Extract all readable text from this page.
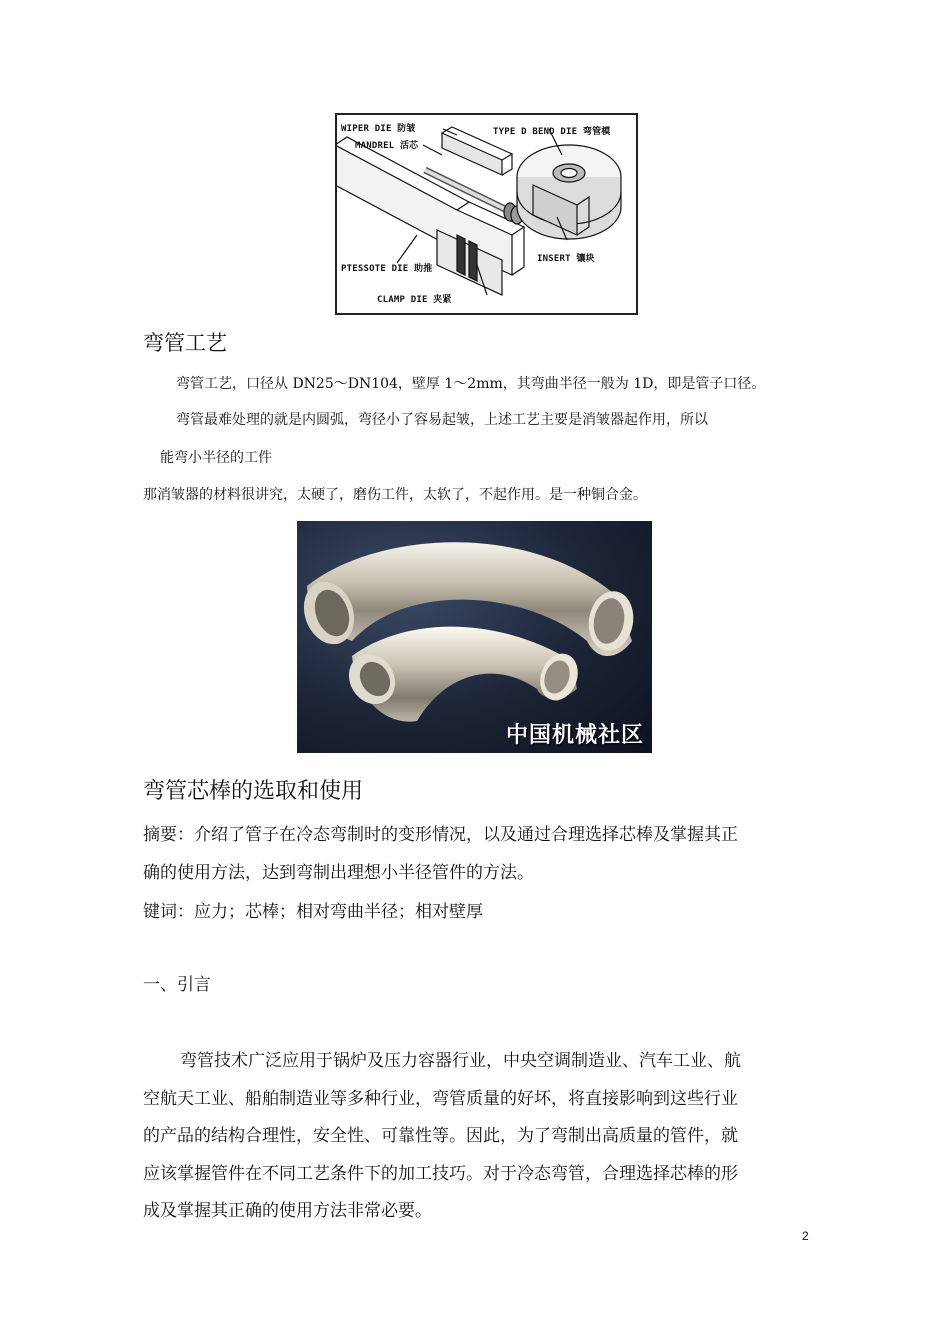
WIPER DIE 防皱
MANDREL 活芯
TYPE D BEND DIE 弯管模
INSERT 镶块
PTESSOTE DIE 助推
CLAMP DIE 夹紧
弯管工艺

弯管工艺，口径从 DN25～DN104，壁厚 1～2mm，其弯曲半径一般为 1D，即是管子口径。

弯管最难处理的就是内圆弧，弯径小了容易起皱，上述工艺主要是消皱器起作用，所以

能弯小半径的工件

那消皱器的材料很讲究，太硬了，磨伤工件，太软了，不起作用。是一种铜合金。

中国机械社区
弯管芯棒的选取和使用

摘要：介绍了管子在冷态弯制时的变形情况，以及通过合理选择芯棒及掌握其正

确的使用方法，达到弯制出理想小半径管件的方法。

键词：应力；芯棒；相对弯曲半径；相对壁厚

一、引言

弯管技术广泛应用于锅炉及压力容器行业，中央空调制造业、汽车工业、航

空航天工业、船舶制造业等多种行业，弯管质量的好坏，将直接影响到这些行业

的产品的结构合理性，安全性、可靠性等。因此，为了弯制出高质量的管件，就

应该掌握管件在不同工艺条件下的加工技巧。对于冷态弯管，合理选择芯棒的形

成及掌握其正确的使用方法非常必要。

2
